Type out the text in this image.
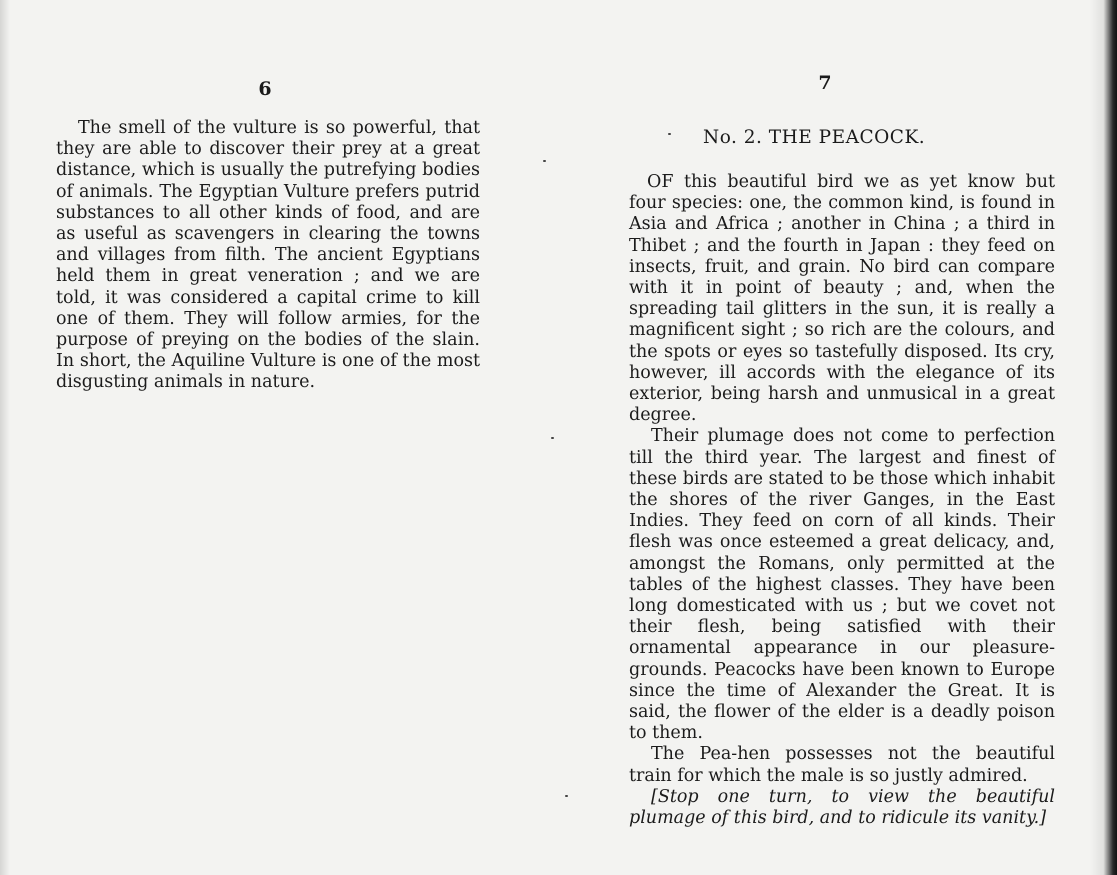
6

The smell of the vulture is so powerful, that they are able to discover their prey at a great distance, which is usually the putrefying bodies of animals. The Egyptian Vulture prefers putrid substances to all other kinds of food, and are as useful as scavengers in clearing the towns and villages from filth. The ancient Egyptians held them in great veneration ; and we are told, it was considered a capital crime to kill one of them. They will follow armies, for the purpose of preying on the bodies of the slain. In short, the Aquiline Vulture is one of the most disgusting animals in nature.

7
No. 2. THE PEACOCK.

OF this beautiful bird we as yet know but four species: one, the common kind, is found in Asia and Africa ; another in China ; a third in Thibet ; and the fourth in Japan : they feed on insects, fruit, and grain. No bird can compare with it in point of beauty ; and, when the spreading tail glitters in the sun, it is really a magnificent sight ; so rich are the colours, and the spots or eyes so tastefully disposed. Its cry, however, ill accords with the elegance of its exterior, being harsh and unmusical in a great degree.

Their plumage does not come to perfection till the third year. The largest and finest of these birds are stated to be those which inhabit the shores of the river Ganges, in the East Indies. They feed on corn of all kinds. Their flesh was once esteemed a great delicacy, and, amongst the Romans, only permitted at the tables of the highest classes. They have been long domesticated with us ; but we covet not their flesh, being satisfied with their ornamental appearance in our pleasure-grounds. Peacocks have been known to Europe since the time of Alexander the Great. It is said, the flower of the elder is a deadly poison to them.

The Pea-hen possesses not the beautiful train for which the male is so justly admired.

[Stop one turn, to view the beautiful plumage of this bird, and to ridicule its vanity.]
